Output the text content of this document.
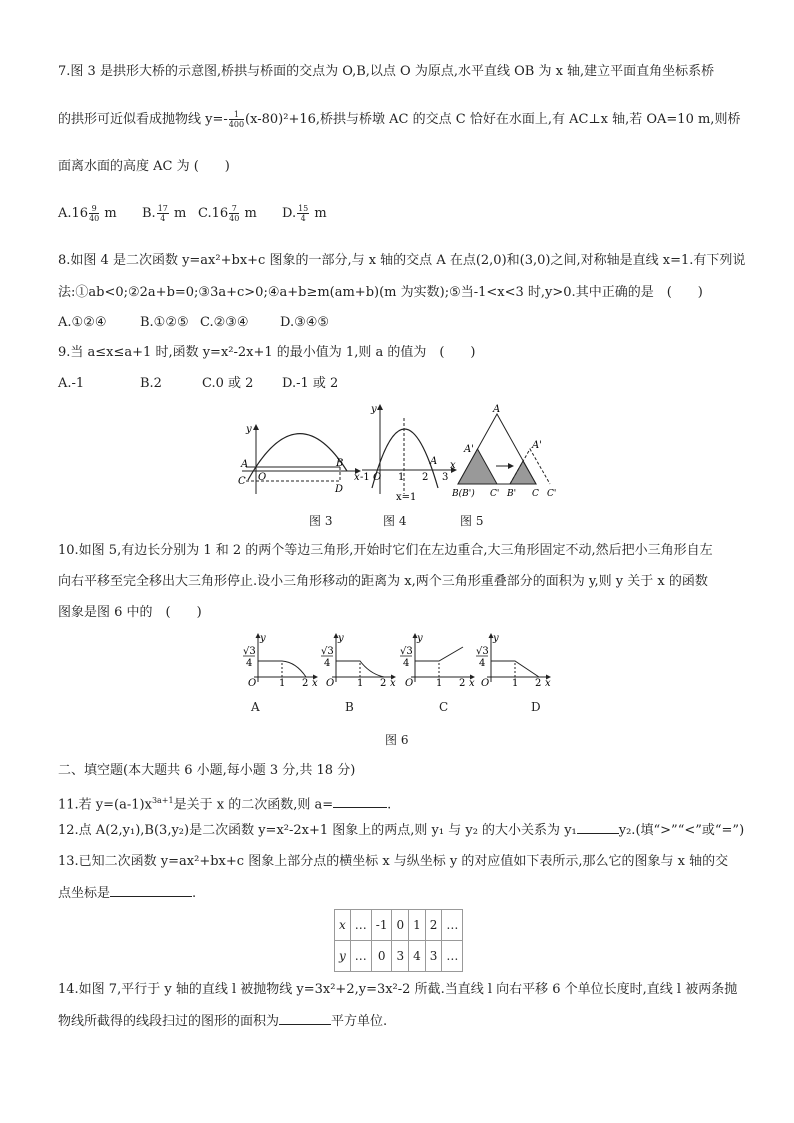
7.图 3 是拱形大桥的示意图,桥拱与桥面的交点为 O,B,以点 O 为原点,水平直线 OB 为 x 轴,建立平面直角坐标系桥
的拱形可近似看成抛物线 $y=- \frac{1}{400} (x-80)^2+16$,桥拱与桥墩 AC 的交点 C 恰好在水面上,有 AC⊥x 轴,若 OA=10 m,则桥
面离水面的高度 AC 为 (　　)
$A.16 \frac{9}{40}$ m B. $\frac{17}{4}$ m $C.16 \frac{7}{40}$ m D. $\frac{15}{4}$ m
8.如图 4 是二次函数 y=ax²+bx+c 图象的一部分,与 x 轴的交点 A 在点(2,0)和(3,0)之间,对称轴是直线 x=1.有下列说
法:①ab<0;②2a+b=0;③3a+c>0;④a+b≥m(am+b)(m 为实数);⑤当-1<x<3 时,y>0.其中正确的是　(　　)
A.①②④	B.①②⑤ C.②③④ D.③④⑤
9.当 a≤x≤a+1 时,函数 y=x²-2x+1 的最小值为 1,则 a 的值为　(　　)
A.-1	B.2	C.0 或 2 D.-1 或 2
y
x
A
C O
B
D
图 3
y
x
-1 O 1 2
A
3
x=1
图 4
A
A'	A'
B(B') C' B' C C'
图 5
10.如图 5,有边长分别为 1 和 2 的两个等边三角形,开始时它们在左边重合,大三角形固定不动,然后把小三角形自左
向右平移至完全移出大三角形停止.设小三角形移动的距离为 x,两个三角形重叠部分的面积为 y,则 y 关于 x 的函数
图象是图 6 中的　(　　)
y
x
√3
4
O 1 2
A
y
x
√3
4
O 1 2
B
y
x
√3
4
O 1 2
C
y
x
√3
4
O 1 2
D
图 6
二、填空题(本大题共 6 小题,每小题 3 分,共 18 分)
11.若 $y=(a-1)x^{3a+1}$是关于 x 的二次函数,则 a=	.
12.点 A(2,y₁),B(3,y₂)是二次函数 y=x²-2x+1 图象上的两点,则 y₁ 与 y₂ 的大小关系为 y₁	y₂.(填“>”“<”或“=”)
13.已知二次函数 y=ax²+bx+c 图象上部分点的横坐标 x 与纵坐标 y 的对应值如下表所示,那么它的图象与 x 轴的交
点坐标是	.
x	…	-1	0	1	2	…
y	…	0	3	4	3	…
14.如图 7,平行于 y 轴的直线 l 被抛物线 y=3x²+2,y=3x²-2 所截.当直线 l 向右平移 6 个单位长度时,直线 l 被两条抛
物线所截得的线段扫过的图形的面积为	平方单位.
